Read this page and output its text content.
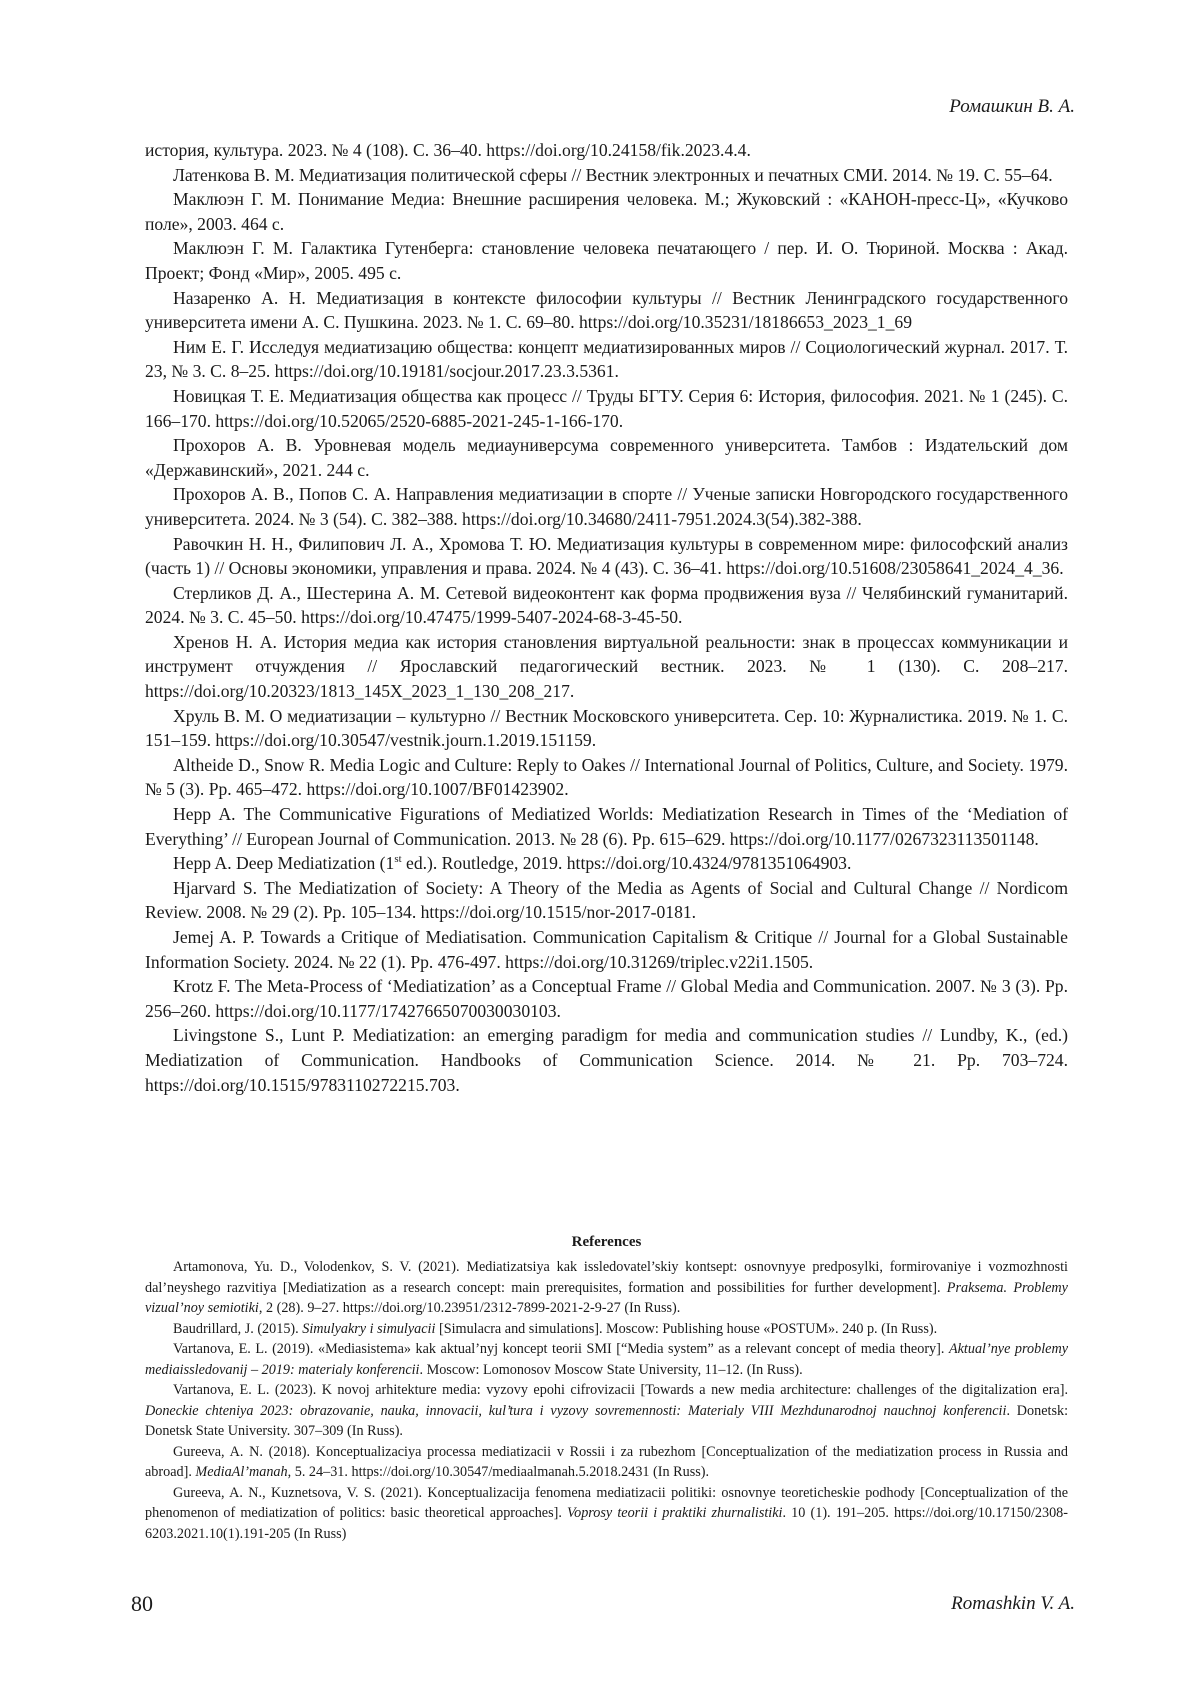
Ромашкин В. А.

история, культура. 2023. № 4 (108). С. 36–40. https://doi.org/10.24158/fik.2023.4.4.

Латенкова В. М. Медиатизация политической сферы // Вестник электронных и печатных СМИ. 2014. № 19. С. 55–64.

Маклюэн Г. М. Понимание Медиа: Внешние расширения человека. М.; Жуковский : «КАНОН-пресс-Ц», «Кучково поле», 2003. 464 с.

Маклюэн Г. М. Галактика Гутенберга: становление человека печатающего / пер. И. О. Тюриной. Москва : Акад. Проект; Фонд «Мир», 2005. 495 с.

Назаренко А. Н. Медиатизация в контексте философии культуры // Вестник Ленинградского государственного университета имени А. С. Пушкина. 2023. № 1. С. 69–80. https://doi.org/10.35231/18186653_2023_1_69

Ним Е. Г. Исследуя медиатизацию общества: концепт медиатизированных миров // Социологический журнал. 2017. Т. 23, № 3. С. 8–25. https://doi.org/10.19181/socjour.2017.23.3.5361.

Новицкая Т. Е. Медиатизация общества как процесс // Труды БГТУ. Серия 6: История, философия. 2021. № 1 (245). С. 166–170. https://doi.org/10.52065/2520-6885-2021-245-1-166-170.

Прохоров А. В. Уровневая модель медиауниверсума современного университета. Тамбов : Издательский дом «Державинский», 2021. 244 с.

Прохоров А. В., Попов С. А. Направления медиатизации в спорте // Ученые записки Новгородского государственного университета. 2024. № 3 (54). С. 382–388. https://doi.org/10.34680/2411-7951.2024.3(54).382-388.

Равочкин Н. Н., Филипович Л. А., Хромова Т. Ю. Медиатизация культуры в современном мире: философский анализ (часть 1) // Основы экономики, управления и права. 2024. № 4 (43). С. 36–41. https://doi.org/10.51608/23058641_2024_4_36.

Стерликов Д. А., Шестерина А. М. Сетевой видеоконтент как форма продвижения вуза // Челябинский гуманитарий. 2024. № 3. С. 45–50. https://doi.org/10.47475/1999-5407-2024-68-3-45-50.

Хренов Н. А. История медиа как история становления виртуальной реальности: знак в процессах коммуникации и инструмент отчуждения // Ярославский педагогический вестник. 2023. № 1 (130). С. 208–217. https://doi.org/10.20323/1813_145X_2023_1_130_208_217.

Хруль В. М. О медиатизации – культурно // Вестник Московского университета. Сер. 10: Журналистика. 2019. № 1. С. 151–159. https://doi.org/10.30547/vestnik.journ.1.2019.151159.

Altheide D., Snow R. Media Logic and Culture: Reply to Oakes // International Journal of Politics, Culture, and Society. 1979. № 5 (3). Pp. 465–472. https://doi.org/10.1007/BF01423902.

Hepp A. The Communicative Figurations of Mediatized Worlds: Mediatization Research in Times of the ‘Mediation of Everything’ // European Journal of Communication. 2013. № 28 (6). Pp. 615–629. https://doi.org/10.1177/0267323113501148.

Hepp A. Deep Mediatization (1st ed.). Routledge, 2019. https://doi.org/10.4324/9781351064903.

Hjarvard S. The Mediatization of Society: A Theory of the Media as Agents of Social and Cultural Change // Nordicom Review. 2008. № 29 (2). Pp. 105–134. https://doi.org/10.1515/nor-2017-0181.

Jemej A. P. Towards a Critique of Mediatisation. Communication Capitalism & Critique // Journal for a Global Sustainable Information Society. 2024. № 22 (1). Pp. 476-497. https://doi.org/10.31269/triplec.v22i1.1505.

Krotz F. The Meta-Process of ‘Mediatization’ as a Conceptual Frame // Global Media and Communication. 2007. № 3 (3). Pp. 256–260. https://doi.org/10.1177/17427665070030030103.

Livingstone S., Lunt P. Mediatization: an emerging paradigm for media and communication studies // Lundby, K., (ed.) Mediatization of Communication. Handbooks of Communication Science. 2014. № 21. Pp. 703–724. https://doi.org/10.1515/9783110272215.703.

References

Artamonova, Yu. D., Volodenkov, S. V. (2021). Mediatizatsiya kak issledovatel’skiy kontsept: osnovnyye predposylki, formirovaniye i vozmozhnosti dal’neyshego razvitiya [Mediatization as a research concept: main prerequisites, formation and possibilities for further development]. Praksema. Problemy vizual’noy semiotiki, 2 (28). 9–27. https://doi.org/10.23951/2312-7899-2021-2-9-27 (In Russ).

Baudrillard, J. (2015). Simulyakry i simulyacii [Simulacra and simulations]. Moscow: Publishing house «POSTUM». 240 p. (In Russ).

Vartanova, E. L. (2019). «Mediasistema» kak aktual’nyj koncept teorii SMI [“Media system” as a relevant concept of media theory]. Aktual’nye problemy mediaissledovanij – 2019: materialy konferencii. Moscow: Lomonosov Moscow State University, 11–12. (In Russ).

Vartanova, E. L. (2023). K novoj arhitekture media: vyzovy epohi cifrovizacii [Towards a new media architecture: challenges of the digitalization era]. Doneckie chteniya 2023: obrazovanie, nauka, innovacii, kul’tura i vyzovy sovremennosti: Materialy VIII Mezhdunarodnoj nauchnoj konferencii. Donetsk: Donetsk State University. 307–309 (In Russ).

Gureeva, A. N. (2018). Konceptualizaciya processa mediatizacii v Rossii i za rubezhom [Conceptualization of the mediatization process in Russia and abroad]. MediaAl’manah, 5. 24–31. https://doi.org/10.30547/mediaalmanah.5.2018.2431 (In Russ).

Gureeva, A. N., Kuznetsova, V. S. (2021). Konceptualizacija fenomena mediatizacii politiki: osnovnye teoreticheskie podhody [Conceptualization of the phenomenon of mediatization of politics: basic theoretical approaches]. Voprosy teorii i praktiki zhurnalistiki. 10 (1). 191–205. https://doi.org/10.17150/2308-6203.2021.10(1).191-205 (In Russ)

80	Romashkin V. A.
